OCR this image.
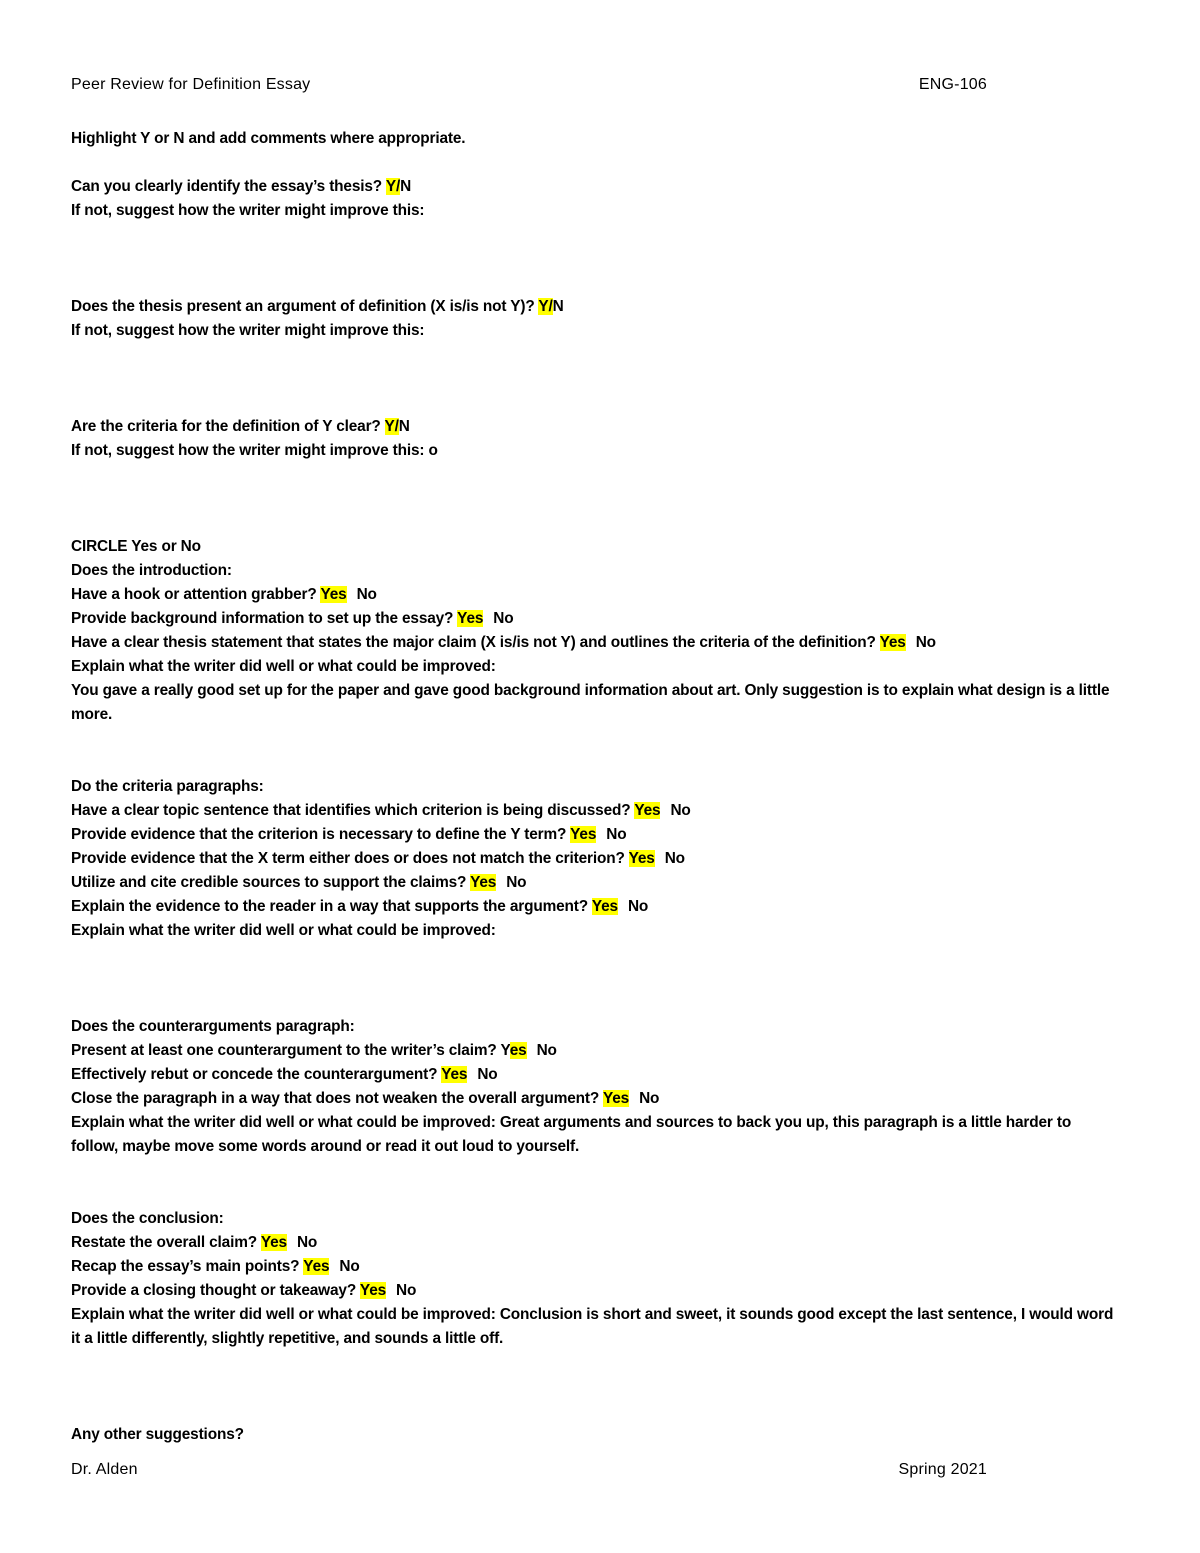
Peer Review for Definition Essay	ENG-106
Highlight Y or N and add comments where appropriate.
Can you clearly identify the essay’s thesis? Y/N
If not, suggest how the writer might improve this:
Does the thesis present an argument of definition (X is/is not Y)? Y/N
If not, suggest how the writer might improve this:
Are the criteria for the definition of Y clear? Y/N
If not, suggest how the writer might improve this: o
CIRCLE Yes or No
Does the introduction:
Have a hook or attention grabber? Yes No
Provide background information to set up the essay? Yes No
Have a clear thesis statement that states the major claim (X is/is not Y) and outlines the criteria of the definition? Yes No
Explain what the writer did well or what could be improved:
You gave a really good set up for the paper and gave good background information about art. Only suggestion is to explain what design is a little more.
Do the criteria paragraphs:
Have a clear topic sentence that identifies which criterion is being discussed? Yes No
Provide evidence that the criterion is necessary to define the Y term? Yes No
Provide evidence that the X term either does or does not match the criterion? Yes No
Utilize and cite credible sources to support the claims? Yes No
Explain the evidence to the reader in a way that supports the argument? Yes No
Explain what the writer did well or what could be improved:
Does the counterarguments paragraph:
Present at least one counterargument to the writer’s claim? Yes No
Effectively rebut or concede the counterargument? Yes No
Close the paragraph in a way that does not weaken the overall argument? Yes No
Explain what the writer did well or what could be improved: Great arguments and sources to back you up, this paragraph is a little harder to follow, maybe move some words around or read it out loud to yourself.
Does the conclusion:
Restate the overall claim? Yes No
Recap the essay’s main points? Yes No
Provide a closing thought or takeaway? Yes No
Explain what the writer did well or what could be improved: Conclusion is short and sweet, it sounds good except the last sentence, I would word it a little differently, slightly repetitive, and sounds a little off.
Any other suggestions?
Dr. Alden	Spring 2021
